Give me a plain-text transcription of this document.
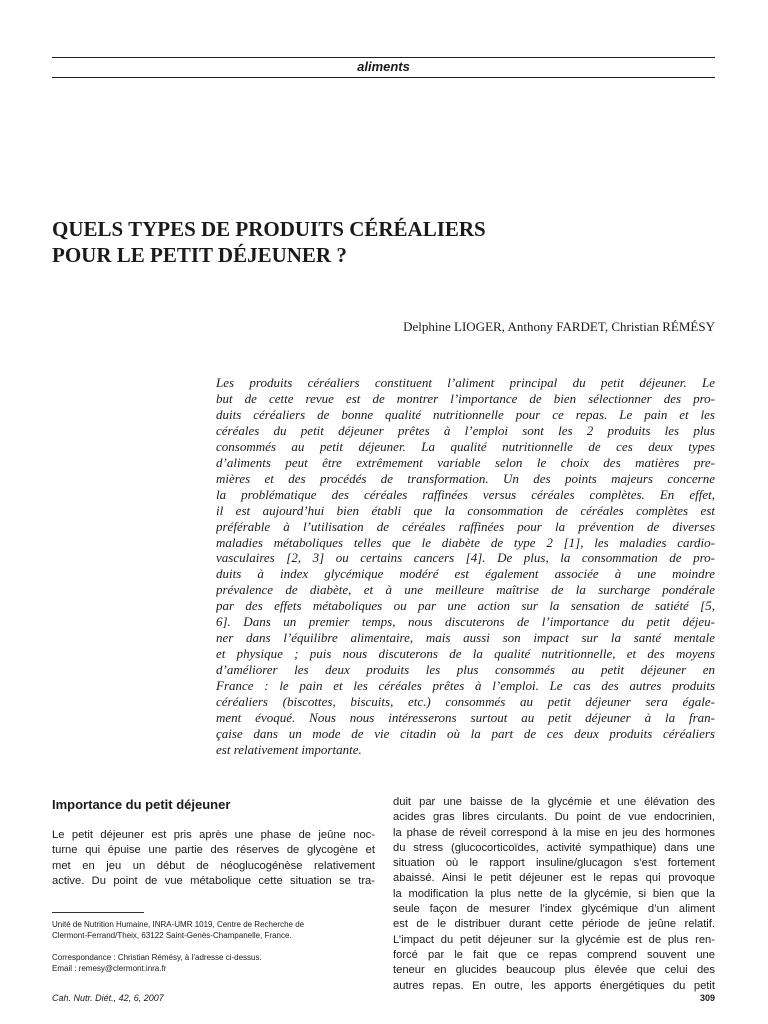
aliments
QUELS TYPES DE PRODUITS CÉRÉALIERS
POUR LE PETIT DÉJEUNER ?
Delphine LIOGER, Anthony FARDET, Christian RÉMÉSY
Les produits céréaliers constituent l’aliment principal du petit déjeuner. Le
but de cette revue est de montrer l’importance de bien sélectionner des pro-
duits céréaliers de bonne qualité nutritionnelle pour ce repas. Le pain et les
céréales du petit déjeuner prêtes à l’emploi sont les 2 produits les plus
consommés au petit déjeuner. La qualité nutritionnelle de ces deux types
d’aliments peut être extrêmement variable selon le choix des matières pre-
mières et des procédés de transformation. Un des points majeurs concerne
la problématique des céréales raffinées versus céréales complètes. En effet,
il est aujourd’hui bien établi que la consommation de céréales complètes est
préférable à l’utilisation de céréales raffinées pour la prévention de diverses
maladies métaboliques telles que le diabète de type 2 [1], les maladies cardio-
vasculaires [2, 3] ou certains cancers [4]. De plus, la consommation de pro-
duits à index glycémique modéré est également associée à une moindre
prévalence de diabète, et à une meilleure maîtrise de la surcharge pondérale
par des effets métaboliques ou par une action sur la sensation de satiété [5,
6]. Dans un premier temps, nous discuterons de l’importance du petit déjeu-
ner dans l’équilibre alimentaire, mais aussi son impact sur la santé mentale
et physique ; puis nous discuterons de la qualité nutritionnelle, et des moyens
d’améliorer les deux produits les plus consommés au petit déjeuner en
France : le pain et les céréales prêtes à l’emploi. Le cas des autres produits
céréaliers (biscottes, biscuits, etc.) consommés au petit déjeuner sera égale-
ment évoqué. Nous nous intéresserons surtout au petit déjeuner à la fran-
çaise dans un mode de vie citadin où la part de ces deux produits céréaliers
est relativement importante.
Importance du petit déjeuner
Le petit déjeuner est pris après une phase de jeûne noc-
turne qui épuise une partie des réserves de glycogène et
met en jeu un début de néoglucogénèse relativement
active. Du point de vue métabolique cette situation se tra-
duit par une baisse de la glycémie et une élévation des
acides gras libres circulants. Du point de vue endocrinien,
la phase de réveil correspond à la mise en jeu des hormones
du stress (glucocorticoïdes, activité sympathique) dans une
situation où le rapport insuline/glucagon s’est fortement
abaissé. Ainsi le petit déjeuner est le repas qui provoque
la modification la plus nette de la glycémie, si bien que la
seule façon de mesurer l’index glycémique d’un aliment
est de le distribuer durant cette période de jeûne relatif.
L’impact du petit déjeuner sur la glycémie est de plus ren-
forcé par le fait que ce repas comprend souvent une
teneur en glucides beaucoup plus élevée que celui des
autres repas. En outre, les apports énergétiques du petit
Unité de Nutrition Humaine, INRA-UMR 1019, Centre de Recherche de
Clermont-Ferrand/Theix, 63122 Saint-Genès-Champanelle, France.
Correspondance : Christian Rémésy, à l’adresse ci-dessus.
Email : remesy@clermont.inra.fr
Cah. Nutr. Diét., 42, 6, 2007	309
